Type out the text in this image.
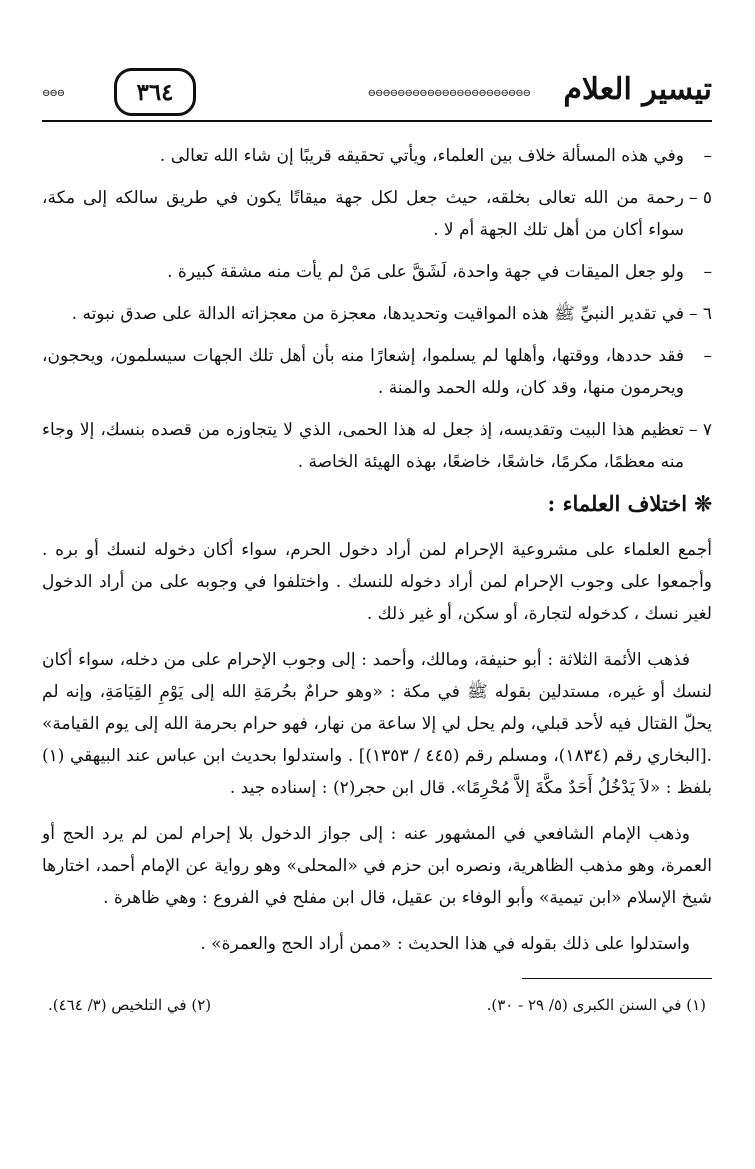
تيسير العلام
⊖⊖⊖⊖⊖⊖⊖⊖⊖⊖⊖⊖⊖⊖⊖⊖⊖⊖⊖⊖⊖⊖
٣٦٤
⊖⊖⊖
–
وفي هذه المسألة خلاف بين العلماء، ويأتي تحقيقه قريبًا إن شاء الله تعالى .
٥ –
رحمة من الله تعالى بخلقه، حيث جعل لكل جهة ميقاتًا يكون في طريق سالكه إلى مكة، سواء أكان من أهل تلك الجهة أم لا .
–
ولو جعل الميقات في جهة واحدة، لَشَقَّ على مَنْ لم يأت منه مشقة كبيرة .
٦ –
في تقدير النبيِّ ﷺ هذه المواقيت وتحديدها، معجزة من معجزاته الدالة على صدق نبوته .
–
فقد حددها، ووقتها، وأهلها لم يسلموا، إشعارًا منه بأن أهل تلك الجهات سيسلمون، ويحجون، ويحرمون منها، وقد كان، ولله الحمد والمنة .
٧ –
تعظيم هذا البيت وتقديسه، إذ جعل له هذا الحمى، الذي لا يتجاوزه من قصده بنسك، إلا وجاء منه معظمًا، مكرمًا، خاشعًا، خاضعًا، بهذه الهيئة الخاصة .
❊ اختلاف العلماء :

أجمع العلماء على مشروعية الإحرام لمن أراد دخول الحرم، سواء أكان دخوله لنسك أو بره . وأجمعوا على وجوب الإحرام لمن أراد دخوله للنسك . واختلفوا في وجوبه على من أراد الدخول لغير نسك ، كدخوله لتجارة، أو سكن، أو غير ذلك .

فذهب الأئمة الثلاثة : أبو حنيفة، ومالك، وأحمد : إلى وجوب الإحرام على من دخله، سواء أكان لنسك أو غيره، مستدلين بقوله ﷺ في مكة : «وهو حرامٌ بحُرمَةِ الله إلى يَوْمِ القِيَامَةِ، وإنه لم يحلّ القتال فيه لأحد قبلي، ولم يحل لي إلا ساعة من نهار، فهو حرام بحرمة الله إلى يوم القيامة» .[البخاري رقم (١٨٣٤)، ومسلم رقم (٤٤٥ / ١٣٥٣)] . واستدلوا بحديث ابن عباس عند البيهقي (١) بلفظ : «لاَ يَدْخُلُ أَحَدٌ مكَّةَ إلاَّ مُحْرِمًا». قال ابن حجر(٢) : إسناده جيد .

وذهب الإمام الشافعي في المشهور عنه : إلى جواز الدخول بلا إحرام لمن لم يرد الحج أو العمرة، وهو مذهب الظاهرية، ونصره ابن حزم في «المحلى» وهو رواية عن الإمام أحمد، اختارها شيخ الإسلام «ابن تيمية» وأبو الوفاء بن عقيل، قال ابن مفلح في الفروع : وهي ظاهرة .

واستدلوا على ذلك بقوله في هذا الحديث : «ممن أراد الحج والعمرة» .

(١) في السنن الكبرى (٥/ ٢٩ - ٣٠).
(٢) في التلخيص (٣/ ٤٦٤).
